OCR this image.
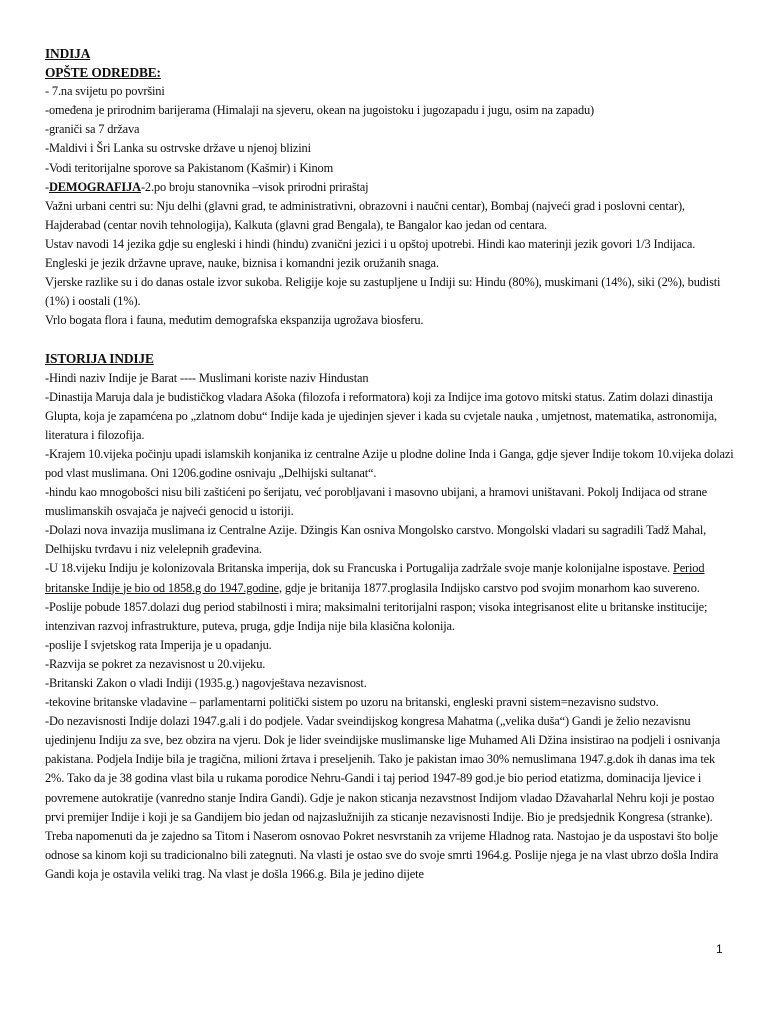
INDIJA

OPŠTE ODREDBE:

- 7.na svijetu po površini

-omeđena je prirodnim barijerama (Himalaji na sjeveru, okean na jugoistoku i jugozapadu i jugu, osim na zapadu)

-graniči sa 7 država

-Maldivi i Šri Lanka su ostrvske države u njenoj blizini

-Vodi teritorijalne sporove sa Pakistanom (Kašmir) i Kinom

-DEMOGRAFIJA-2.po broju stanovnika –visok prirodni priraštaj

Važni urbani centri su: Nju delhi (glavni grad, te administrativni, obrazovni i naučni centar), Bombaj (najveći grad i poslovni centar), Hajderabad (centar novih tehnologija), Kalkuta (glavni grad Bengala), te Bangalor kao jedan od centara.

Ustav navodi 14 jezika gdje su engleski i hindi (hindu) zvanični jezici i u opštoj upotrebi. Hindi kao materinji jezik govori 1/3 Indijaca. Engleski je jezik državne uprave, nauke, biznisa i komandni jezik oružanih snaga.

Vjerske razlike su i do danas ostale izvor sukoba. Religije koje su zastupljene u Indiji su: Hindu (80%), muskimani (14%), siki (2%), budisti (1%) i oostali (1%).

Vrlo bogata flora i fauna, međutim demografska ekspanzija ugrožava biosferu.

ISTORIJA INDIJE

-Hindi naziv Indije je Barat ---- Muslimani koriste naziv Hindustan

-Dinastija Maruja dala je budističkog vladara Ašoka (filozofa i reformatora) koji za Indijce ima gotovo mitski status. Zatim dolazi dinastija Glupta, koja je zapamćena po „zlatnom dobu“ Indije kada je ujedinjen sjever i kada su cvjetale nauka , umjetnost, matematika, astronomija, literatura i filozofija.

-Krajem 10.vijeka počinju upadi islamskih konjanika iz centralne Azije u plodne doline Inda i Ganga, gdje sjever Indije tokom 10.vijeka dolazi pod vlast muslimana. Oni 1206.godine osnivaju „Delhijski sultanat“.

-hindu kao mnogobošci nisu bili zaštićeni po šerijatu, već porobljavani i masovno ubijani, a hramovi uništavani. Pokolj Indijaca od strane muslimanskih osvajača je najveći genocid u istoriji.

-Dolazi nova invazija muslimana iz Centralne Azije. Džingis Kan osniva Mongolsko carstvo. Mongolski vladari su sagradili Tadž Mahal, Delhijsku tvrđavu i niz velelepnih građevina.

-U 18.vijeku Indiju je kolonizovala Britanska imperija, dok su Francuska i Portugalija zadržale svoje manje kolonijalne ispostave. Period britanske Indije je bio od 1858.g do 1947.godine, gdje je britanija 1877.proglasila Indijsko carstvo pod svojim monarhom kao suvereno.

-Poslije pobude 1857.dolazi dug period stabilnosti i mira; maksimalni teritorijalni raspon; visoka integrisanost elite u britanske institucije; intenzivan razvoj infrastrukture, puteva, pruga, gdje Indija nije bila klasična kolonija.

-poslije I svjetskog rata Imperija je u opadanju.

-Razvija se pokret za nezavisnost u 20.vijeku.

-Britanski Zakon o vladi Indiji (1935.g.) nagovještava nezavisnost.

-tekovine britanske vladavine – parlamentarni politički sistem po uzoru na britanski, engleski pravni sistem=nezavisno sudstvo.

-Do nezavisnosti Indije dolazi 1947.g.ali i do podjele. Vadar sveindijskog kongresa Mahatma („velika duša“) Gandi je želio nezavisnu ujedinjenu Indiju za sve, bez obzira na vjeru. Dok je lider sveindijske muslimanske lige Muhamed Ali Džina insistirao na podjeli i osnivanja pakistana. Podjela Indije bila je tragična, milioni žrtava i preseljenih. Tako je pakistan imao 30% nemuslimana 1947.g.dok ih danas ima tek 2%. Tako da je 38 godina vlast bila u rukama porodice Nehru-Gandi i taj period 1947-89 god.je bio period etatizma, dominacija ljevice i povremene autokratije (vanredno stanje Indira Gandi). Gdje je nakon sticanja nezavstnost Indijom vladao Džavaharlal Nehru koji je postao prvi premijer Indije i koji je sa Gandijem bio jedan od najzaslužnijih za sticanje nezavisnosti Indije. Bio je predsjednik Kongresa (stranke). Treba napomenuti da je zajedno sa Titom i Naserom osnovao Pokret nesvrstanih za vrijeme Hladnog rata. Nastojao je da uspostavi što bolje odnose sa kinom koji su tradicionalno bili zategnuti. Na vlasti je ostao sve do svoje smrti 1964.g. Poslije njega je na vlast ubrzo došla Indira Gandi koja je ostavila veliki trag. Na vlast je došla 1966.g. Bila je jedino dijete

1
